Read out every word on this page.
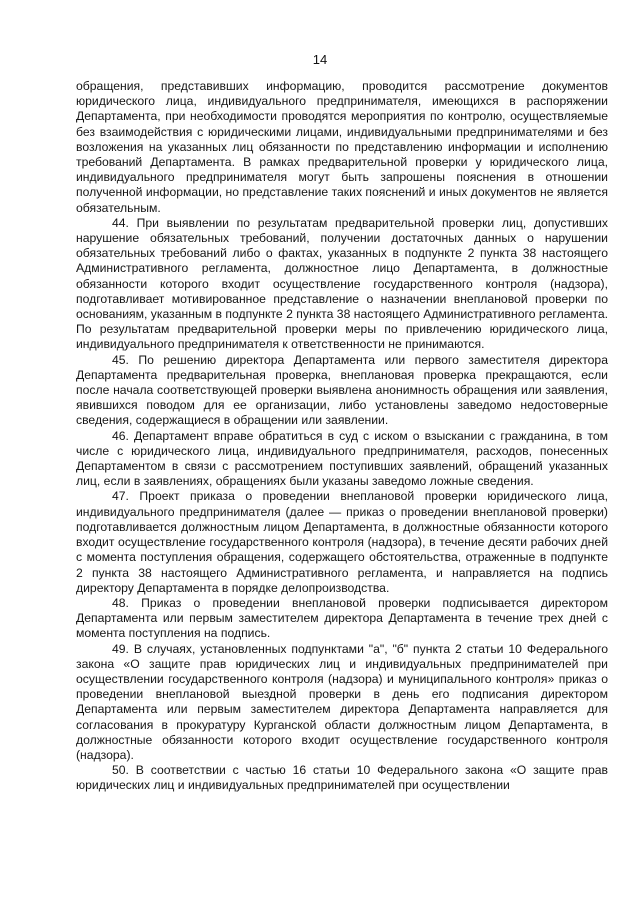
14

обращения, представивших информацию, проводится рассмотрение документов юридического лица, индивидуального предпринимателя, имеющихся в распоряжении Департамента, при необходимости проводятся мероприятия по контролю, осуществляемые без взаимодействия с юридическими лицами, индивидуальными предпринимателями и без возложения на указанных лиц обязанности по представлению информации и исполнению требований Департамента. В рамках предварительной проверки у юридического лица, индивидуального предпринимателя могут быть запрошены пояснения в отношении полученной информации, но представление таких пояснений и иных документов не является обязательным.

44. При выявлении по результатам предварительной проверки лиц, допустивших нарушение обязательных требований, получении достаточных данных о нарушении обязательных требований либо о фактах, указанных в подпункте 2 пункта 38 настоящего Административного регламента, должностное лицо Департамента, в должностные обязанности которого входит осуществление государственного контроля (надзора), подготавливает мотивированное представление о назначении внеплановой проверки по основаниям, указанным в подпункте 2 пункта 38 настоящего Административного регламента. По результатам предварительной проверки меры по привлечению юридического лица, индивидуального предпринимателя к ответственности не принимаются.

45. По решению директора Департамента или первого заместителя директора Департамента предварительная проверка, внеплановая проверка прекращаются, если после начала соответствующей проверки выявлена анонимность обращения или заявления, явившихся поводом для ее организации, либо установлены заведомо недостоверные сведения, содержащиеся в обращении или заявлении.

46. Департамент вправе обратиться в суд с иском о взыскании с гражданина, в том числе с юридического лица, индивидуального предпринимателя, расходов, понесенных Департаментом в связи с рассмотрением поступивших заявлений, обращений указанных лиц, если в заявлениях, обращениях были указаны заведомо ложные сведения.

47. Проект приказа о проведении внеплановой проверки юридического лица, индивидуального предпринимателя (далее — приказ о проведении внеплановой проверки) подготавливается должностным лицом Департамента, в должностные обязанности которого входит осуществление государственного контроля (надзора), в течение десяти рабочих дней с момента поступления обращения, содержащего обстоятельства, отраженные в подпункте 2 пункта 38 настоящего Административного регламента, и направляется на подпись директору Департамента в порядке делопроизводства.

48. Приказ о проведении внеплановой проверки подписывается директором Департамента или первым заместителем директора Департамента в течение трех дней с момента поступления на подпись.

49. В случаях, установленных подпунктами "а", "б" пункта 2 статьи 10 Федерального закона «О защите прав юридических лиц и индивидуальных предпринимателей при осуществлении государственного контроля (надзора) и муниципального контроля» приказ о проведении внеплановой выездной проверки в день его подписания директором Департамента или первым заместителем директора Департамента направляется для согласования в прокуратуру Курганской области должностным лицом Департамента, в должностные обязанности которого входит осуществление государственного контроля (надзора).

50. В соответствии с частью 16 статьи 10 Федерального закона «О защите прав юридических лиц и индивидуальных предпринимателей при осуществлении
